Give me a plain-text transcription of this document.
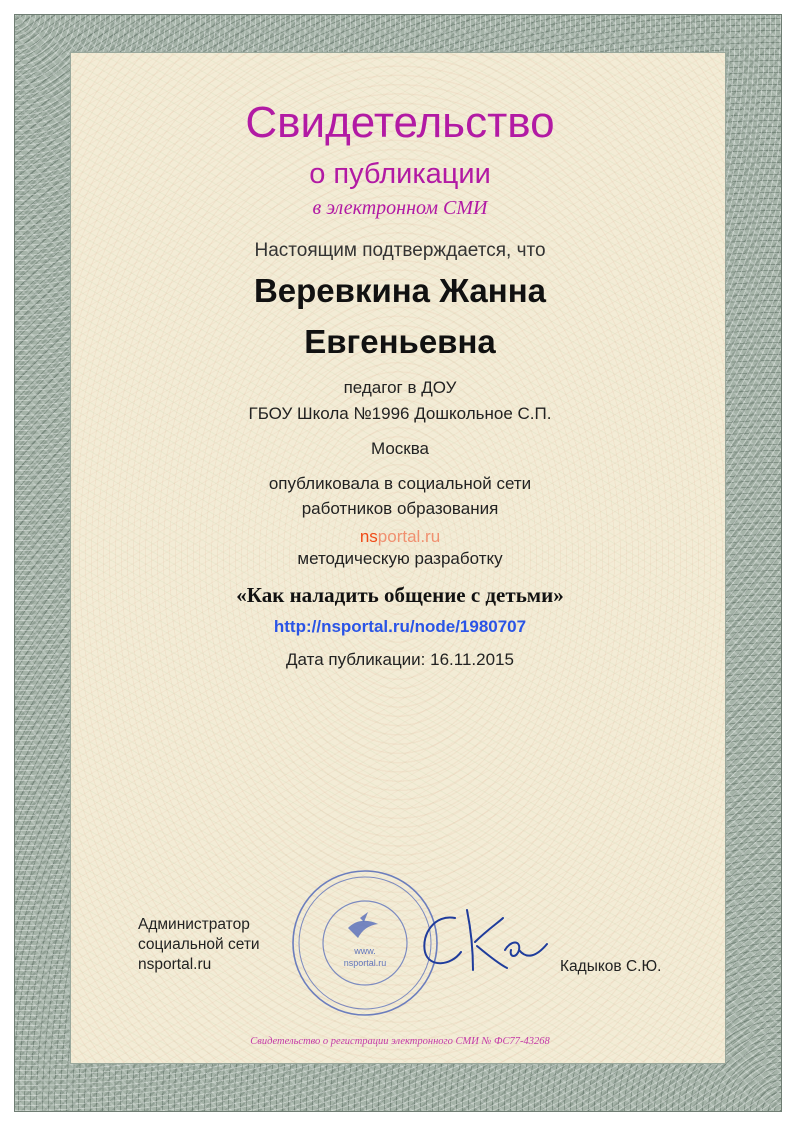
Свидетельство
о публикации
в электронном СМИ
Настоящим подтверждается, что
Веревкина Жанна
Евгеньевна
педагог в ДОУ
ГБОУ Школа №1996 Дошкольное С.П.
Москва
опубликовала в социальной сети
работников образования
nsportal.ru
методическую разработку
«Как наладить общение с детьми»
http://nsportal.ru/node/1980707
Дата публикации: 16.11.2015
Администратор
социальной сети
nsportal.ru
www.
nsportal.ru	Кадыков С.Ю.
Свидетельство о регистрации электронного СМИ № ФС77-43268
